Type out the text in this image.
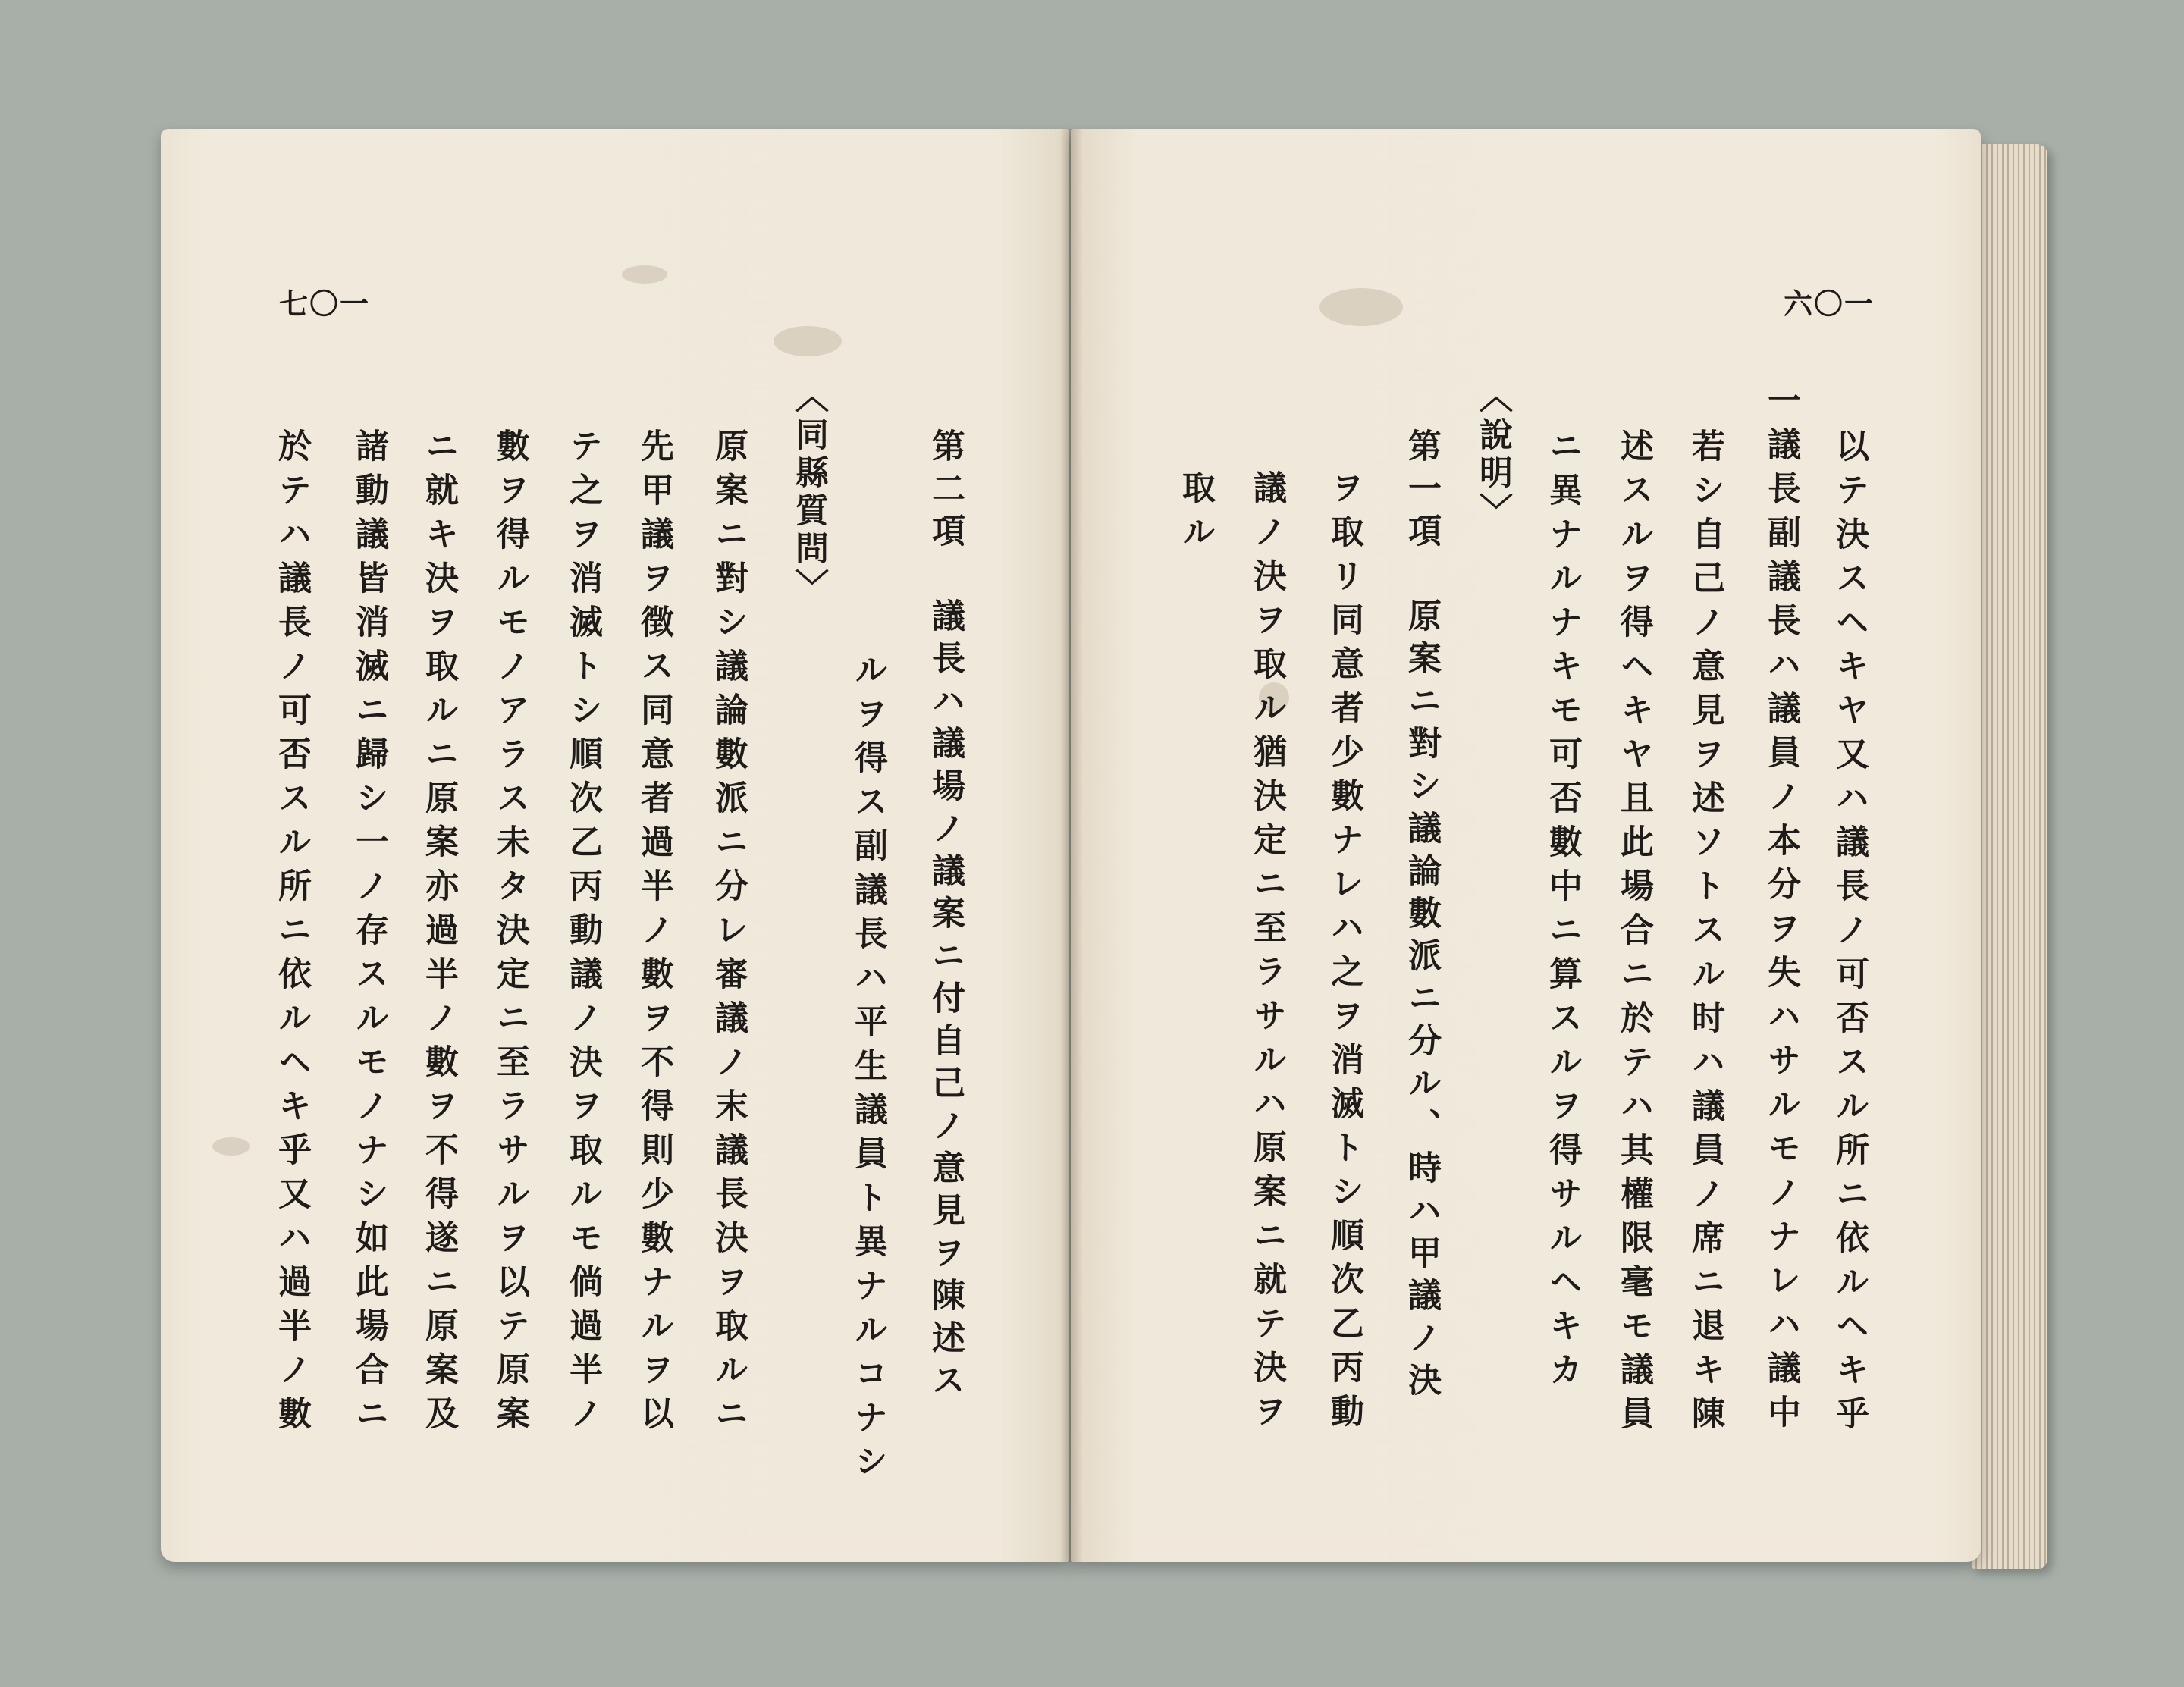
七〇一	六〇一
第二項　議長ハ議場ノ議案ニ付自己ノ意見ヲ陳述ス
ルヲ得ス副議長ハ平生議員ト異ナルコナシ
〈同縣質問〉
原案ニ對シ議論數派ニ分レ審議ノ末議長決ヲ取ルニ
先甲議ヲ徴ス同意者過半ノ數ヲ不得則少數ナルヲ以
テ之ヲ消滅トシ順次乙丙動議ノ決ヲ取ルモ倘過半ノ
數ヲ得ルモノアラス未タ決定ニ至ラサルヲ以テ原案
ニ就キ決ヲ取ルニ原案亦過半ノ數ヲ不得遂ニ原案及
諸動議皆消滅ニ歸シ一ノ存スルモノナシ如此場合ニ
於テハ議長ノ可否スル所ニ依ルヘキ乎又ハ過半ノ數	以テ決スヘキヤ又ハ議長ノ可否スル所ニ依ルヘキ乎
一議長副議長ハ議員ノ本分ヲ失ハサルモノナレハ議中
若シ自己ノ意見ヲ述ソトスル时ハ議員ノ席ニ退キ陳
述スルヲ得ヘキヤ且此場合ニ於テハ其權限毫モ議員
ニ異ナルナキモ可否數中ニ算スルヲ得サルヘキカ
〈說明〉
第一項　原案ニ對シ議論數派ニ分ル、時ハ甲議ノ決
ヲ取リ同意者少數ナレハ之ヲ消滅トシ順次乙丙動
議ノ決ヲ取ル猶決定ニ至ラサルハ原案ニ就テ決ヲ
取ル
